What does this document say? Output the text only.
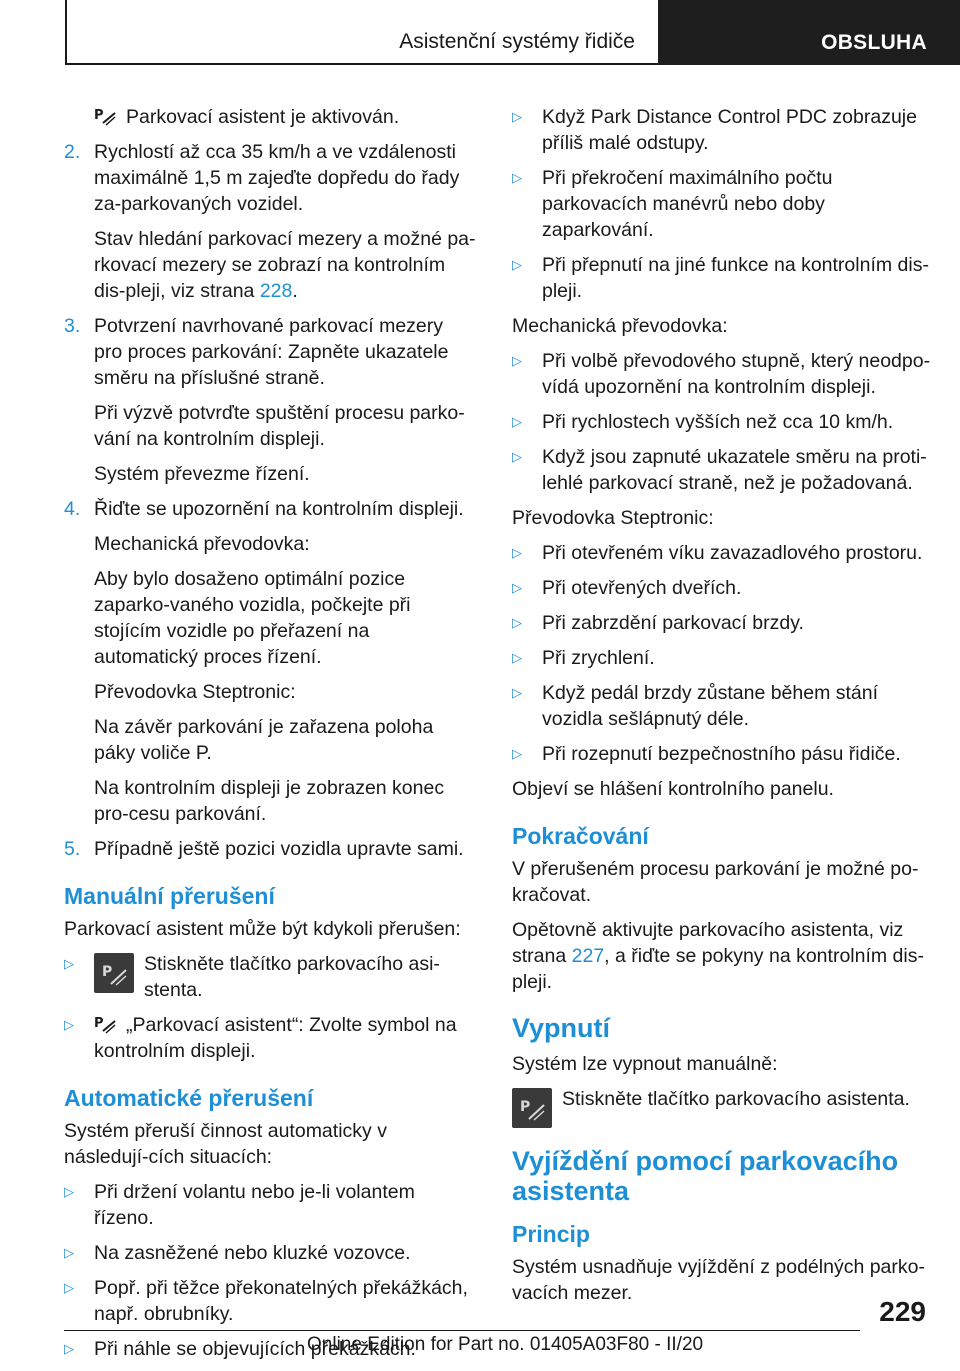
Asistenční systémy řidiče	OBSLUHA

P Parkovací asistent je aktivován.

2. Rychlostí až cca 35 km/h a ve vzdálenosti maximálně 1,5 m zajeďte dopředu do řady za-parkovaných vozidel.

Stav hledání parkovací mezery a možné pa-rkovací mezery se zobrazí na kontrolním dis-pleji, viz strana 228.

3. Potvrzení navrhované parkovací mezery pro proces parkování: Zapněte ukazatele směru na příslušné straně.

Při výzvě potvrďte spuštění procesu parko-vání na kontrolním displeji.

Systém převezme řízení.

4. Řiďte se upozornění na kontrolním displeji.

Mechanická převodovka:

Aby bylo dosaženo optimální pozice zaparko-vaného vozidla, počkejte při stojícím vozidle po přeřazení na automatický proces řízení.

Převodovka Steptronic:

Na závěr parkování je zařazena poloha páky voliče P.

Na kontrolním displeji je zobrazen konec pro-cesu parkování.

5. Případně ještě pozici vozidla upravte sami.

Manuální přerušení

Parkovací asistent může být kdykoli přerušen:

▷
P Stiskněte tlačítko parkovacího asi-stenta.
▷	P „Parkovací asistent“: Zvolte symbol na kontrolním displeji.
Automatické přerušení

Systém přeruší činnost automaticky v následují-cích situacích:

▷	Při držení volantu nebo je-li volantem řízeno.
▷	Na zasněžené nebo kluzké vozovce.
▷	Popř. při těžce překonatelných překážkách, např. obrubníky.
▷	Při náhle se objevujících překážkách.
▷	Když Park Distance Control PDC zobrazuje příliš malé odstupy.
▷	Při překročení maximálního počtu parkovacích manévrů nebo doby zaparkování.
▷	Při přepnutí na jiné funkce na kontrolním dis-pleji.

Mechanická převodovka:

▷	Při volbě převodového stupně, který neodpo-vídá upozornění na kontrolním displeji.
▷	Při rychlostech vyšších než cca 10 km/h.
▷	Když jsou zapnuté ukazatele směru na proti-lehlé parkovací straně, než je požadovaná.

Převodovka Steptronic:

▷	Při otevřeném víku zavazadlového prostoru.
▷	Při otevřených dveřích.
▷	Při zabrzdění parkovací brzdy.
▷	Při zrychlení.
▷	Když pedál brzdy zůstane během stání vozidla sešlápnutý déle.
▷	Při rozepnutí bezpečnostního pásu řidiče.

Objeví se hlášení kontrolního panelu.

Pokračování

V přerušeném procesu parkování je možné po-kračovat.

Opětovně aktivujte parkovacího asistenta, viz strana 227, a řiďte se pokyny na kontrolním dis-pleji.

Vypnutí

Systém lze vypnout manuálně:

P Stiskněte tlačítko parkovacího asistenta.
Vyjíždění pomocí parkovacího asistenta
Princip

Systém usnadňuje vyjíždění z podélných parko-vacích mezer.

229
Online Edition for Part no. 01405A03F80 - II/20
